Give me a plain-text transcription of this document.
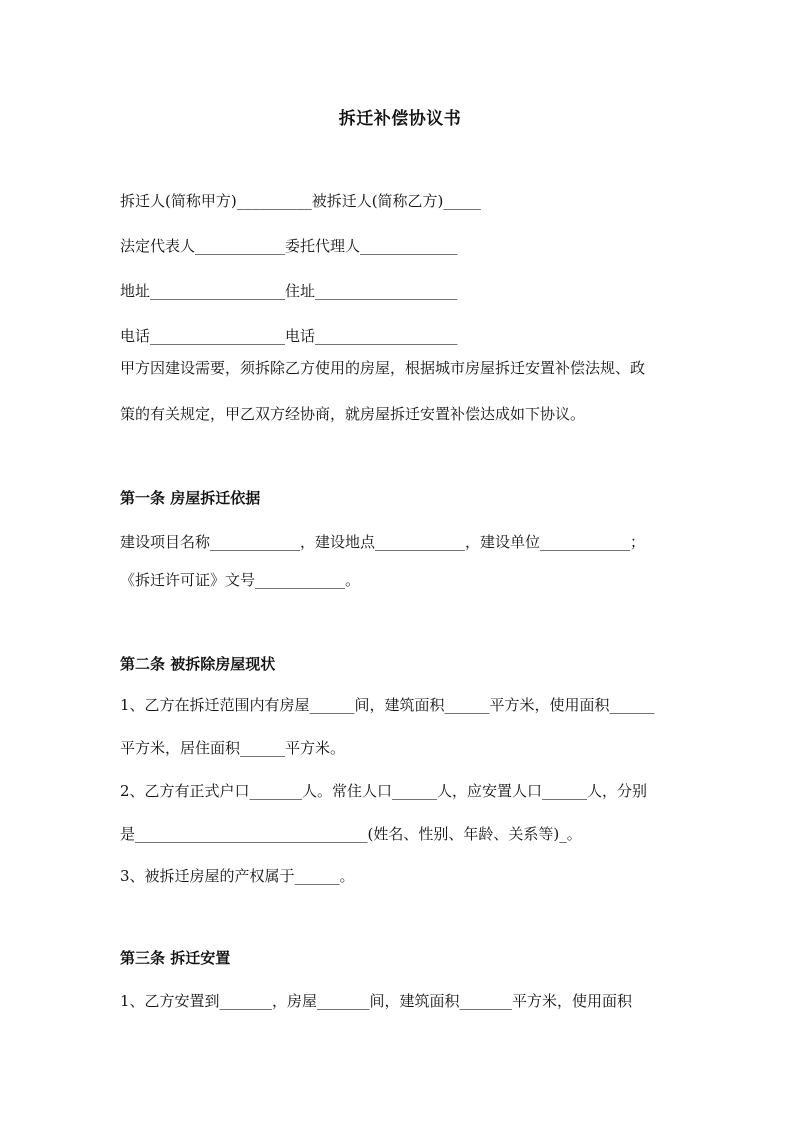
拆迁补偿协议书
拆迁人(简称甲方)__________被拆迁人(简称乙方)_____
法定代表人____________委托代理人_____________
地址__________________住址___________________
电话__________________电话___________________
甲方因建设需要，须拆除乙方使用的房屋，根据城市房屋拆迁安置补偿法规、政
策的有关规定，甲乙双方经协商，就房屋拆迁安置补偿达成如下协议。
第一条 房屋拆迁依据
建设项目名称____________，建设地点____________，建设单位____________；
《拆迁许可证》文号____________。
第二条 被拆除房屋现状
1、乙方在拆迁范围内有房屋______间，建筑面积______平方米，使用面积______
平方米，居住面积______平方米。
2、乙方有正式户口_______人。常住人口______人，应安置人口______人，分别
是_______________________________(姓名、性别、年龄、关系等)_。
3、被拆迁房屋的产权属于______。
第三条 拆迁安置
1、乙方安置到_______，房屋_______间，建筑面积_______平方米，使用面积
